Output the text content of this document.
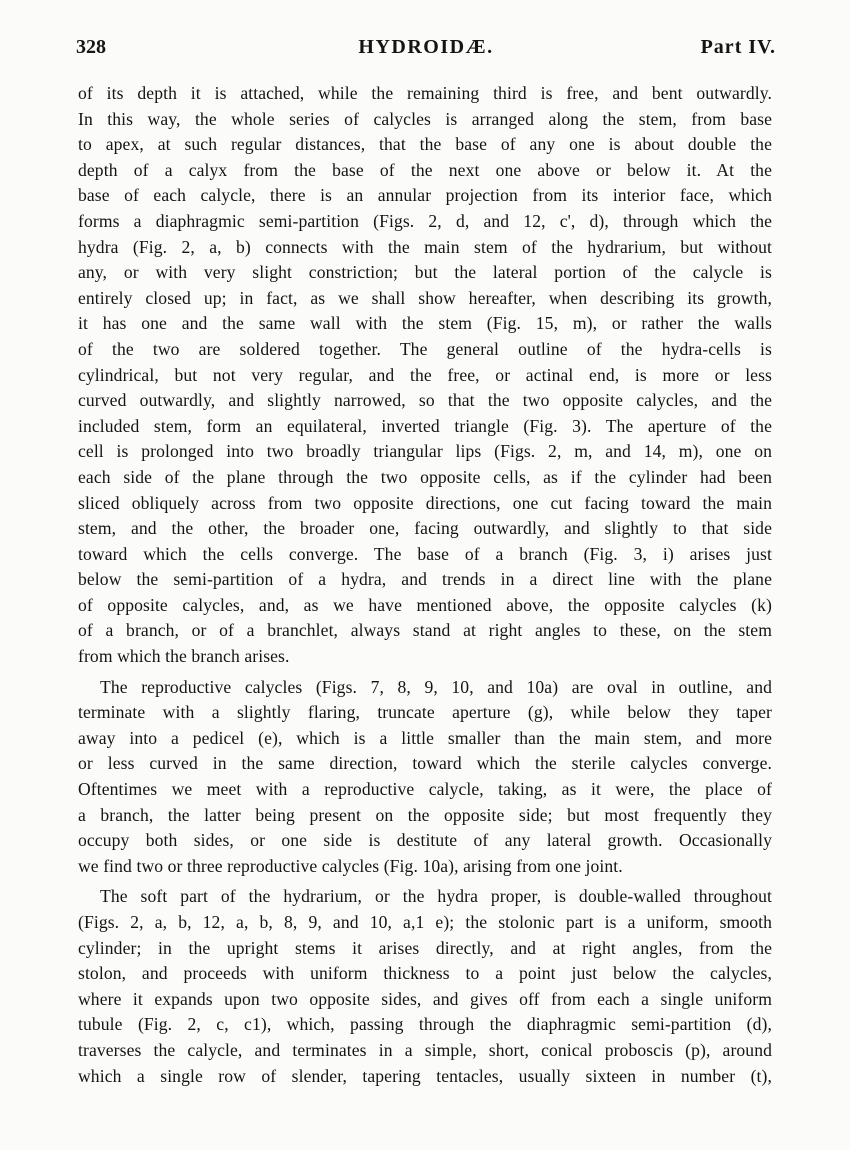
328	HYDROIDÆ.	Part IV.
of its depth it is attached, while the remaining third is free, and bent outwardly.
In this way, the whole series of calycles is arranged along the stem, from base
to apex, at such regular distances, that the base of any one is about double the
depth of a calyx from the base of the next one above or below it. At the
base of each calycle, there is an annular projection from its interior face, which
forms a diaphragmic semi-partition (Figs. 2, d, and 12, c', d), through which the
hydra (Fig. 2, a, b) connects with the main stem of the hydrarium, but without
any, or with very slight constriction; but the lateral portion of the calycle is
entirely closed up; in fact, as we shall show hereafter, when describing its growth,
it has one and the same wall with the stem (Fig. 15, m), or rather the walls
of the two are soldered together. The general outline of the hydra-cells is
cylindrical, but not very regular, and the free, or actinal end, is more or less
curved outwardly, and slightly narrowed, so that the two opposite calycles, and the
included stem, form an equilateral, inverted triangle (Fig. 3). The aperture of the
cell is prolonged into two broadly triangular lips (Figs. 2, m, and 14, m), one on
each side of the plane through the two opposite cells, as if the cylinder had been
sliced obliquely across from two opposite directions, one cut facing toward the main
stem, and the other, the broader one, facing outwardly, and slightly to that side
toward which the cells converge. The base of a branch (Fig. 3, i) arises just
below the semi-partition of a hydra, and trends in a direct line with the plane
of opposite calycles, and, as we have mentioned above, the opposite calycles (k)
of a branch, or of a branchlet, always stand at right angles to these, on the stem
from which the branch arises.
The reproductive calycles (Figs. 7, 8, 9, 10, and 10a) are oval in outline, and
terminate with a slightly flaring, truncate aperture (g), while below they taper
away into a pedicel (e), which is a little smaller than the main stem, and more
or less curved in the same direction, toward which the sterile calycles converge.
Oftentimes we meet with a reproductive calycle, taking, as it were, the place of
a branch, the latter being present on the opposite side; but most frequently they
occupy both sides, or one side is destitute of any lateral growth. Occasionally
we find two or three reproductive calycles (Fig. 10a), arising from one joint.
The soft part of the hydrarium, or the hydra proper, is double-walled throughout
(Figs. 2, a, b, 12, a, b, 8, 9, and 10, a,1 e); the stolonic part is a uniform, smooth
cylinder; in the upright stems it arises directly, and at right angles, from the
stolon, and proceeds with uniform thickness to a point just below the calycles,
where it expands upon two opposite sides, and gives off from each a single uniform
tubule (Fig. 2, c, c1), which, passing through the diaphragmic semi-partition (d),
traverses the calycle, and terminates in a simple, short, conical proboscis (p), around
which a single row of slender, tapering tentacles, usually sixteen in number (t),
